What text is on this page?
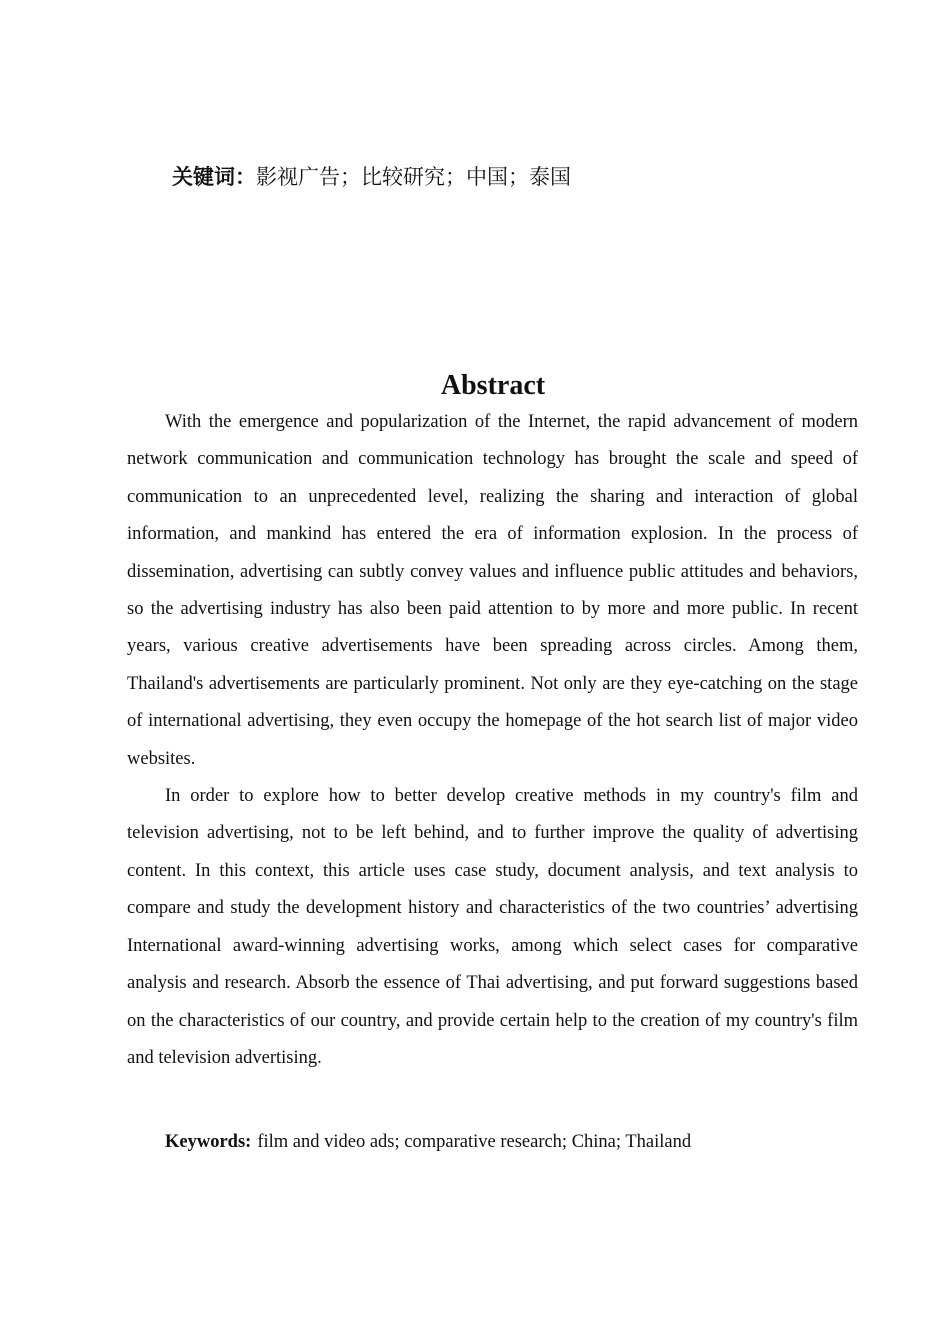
关键词：影视广告；比较研究；中国；泰国
Abstract

With the emergence and popularization of the Internet, the rapid advancement of modern network communication and communication technology has brought the scale and speed of communication to an unprecedented level, realizing the sharing and interaction of global information, and mankind has entered the era of information explosion. In the process of dissemination, advertising can subtly convey values and influence public attitudes and behaviors, so the advertising industry has also been paid attention to by more and more public. In recent years, various creative advertisements have been spreading across circles. Among them, Thailand's advertisements are particularly prominent. Not only are they eye-catching on the stage of international advertising, they even occupy the homepage of the hot search list of major video websites.

In order to explore how to better develop creative methods in my country's film and television advertising, not to be left behind, and to further improve the quality of advertising content. In this context, this article uses case study, document analysis, and text analysis to compare and study the development history and characteristics of the two countries’ advertising International award-winning advertising works, among which select cases for comparative analysis and research. Absorb the essence of Thai advertising, and put forward suggestions based on the characteristics of our country, and provide certain help to the creation of my country's film and television advertising.

Keywords: film and video ads; comparative research; China; Thailand
